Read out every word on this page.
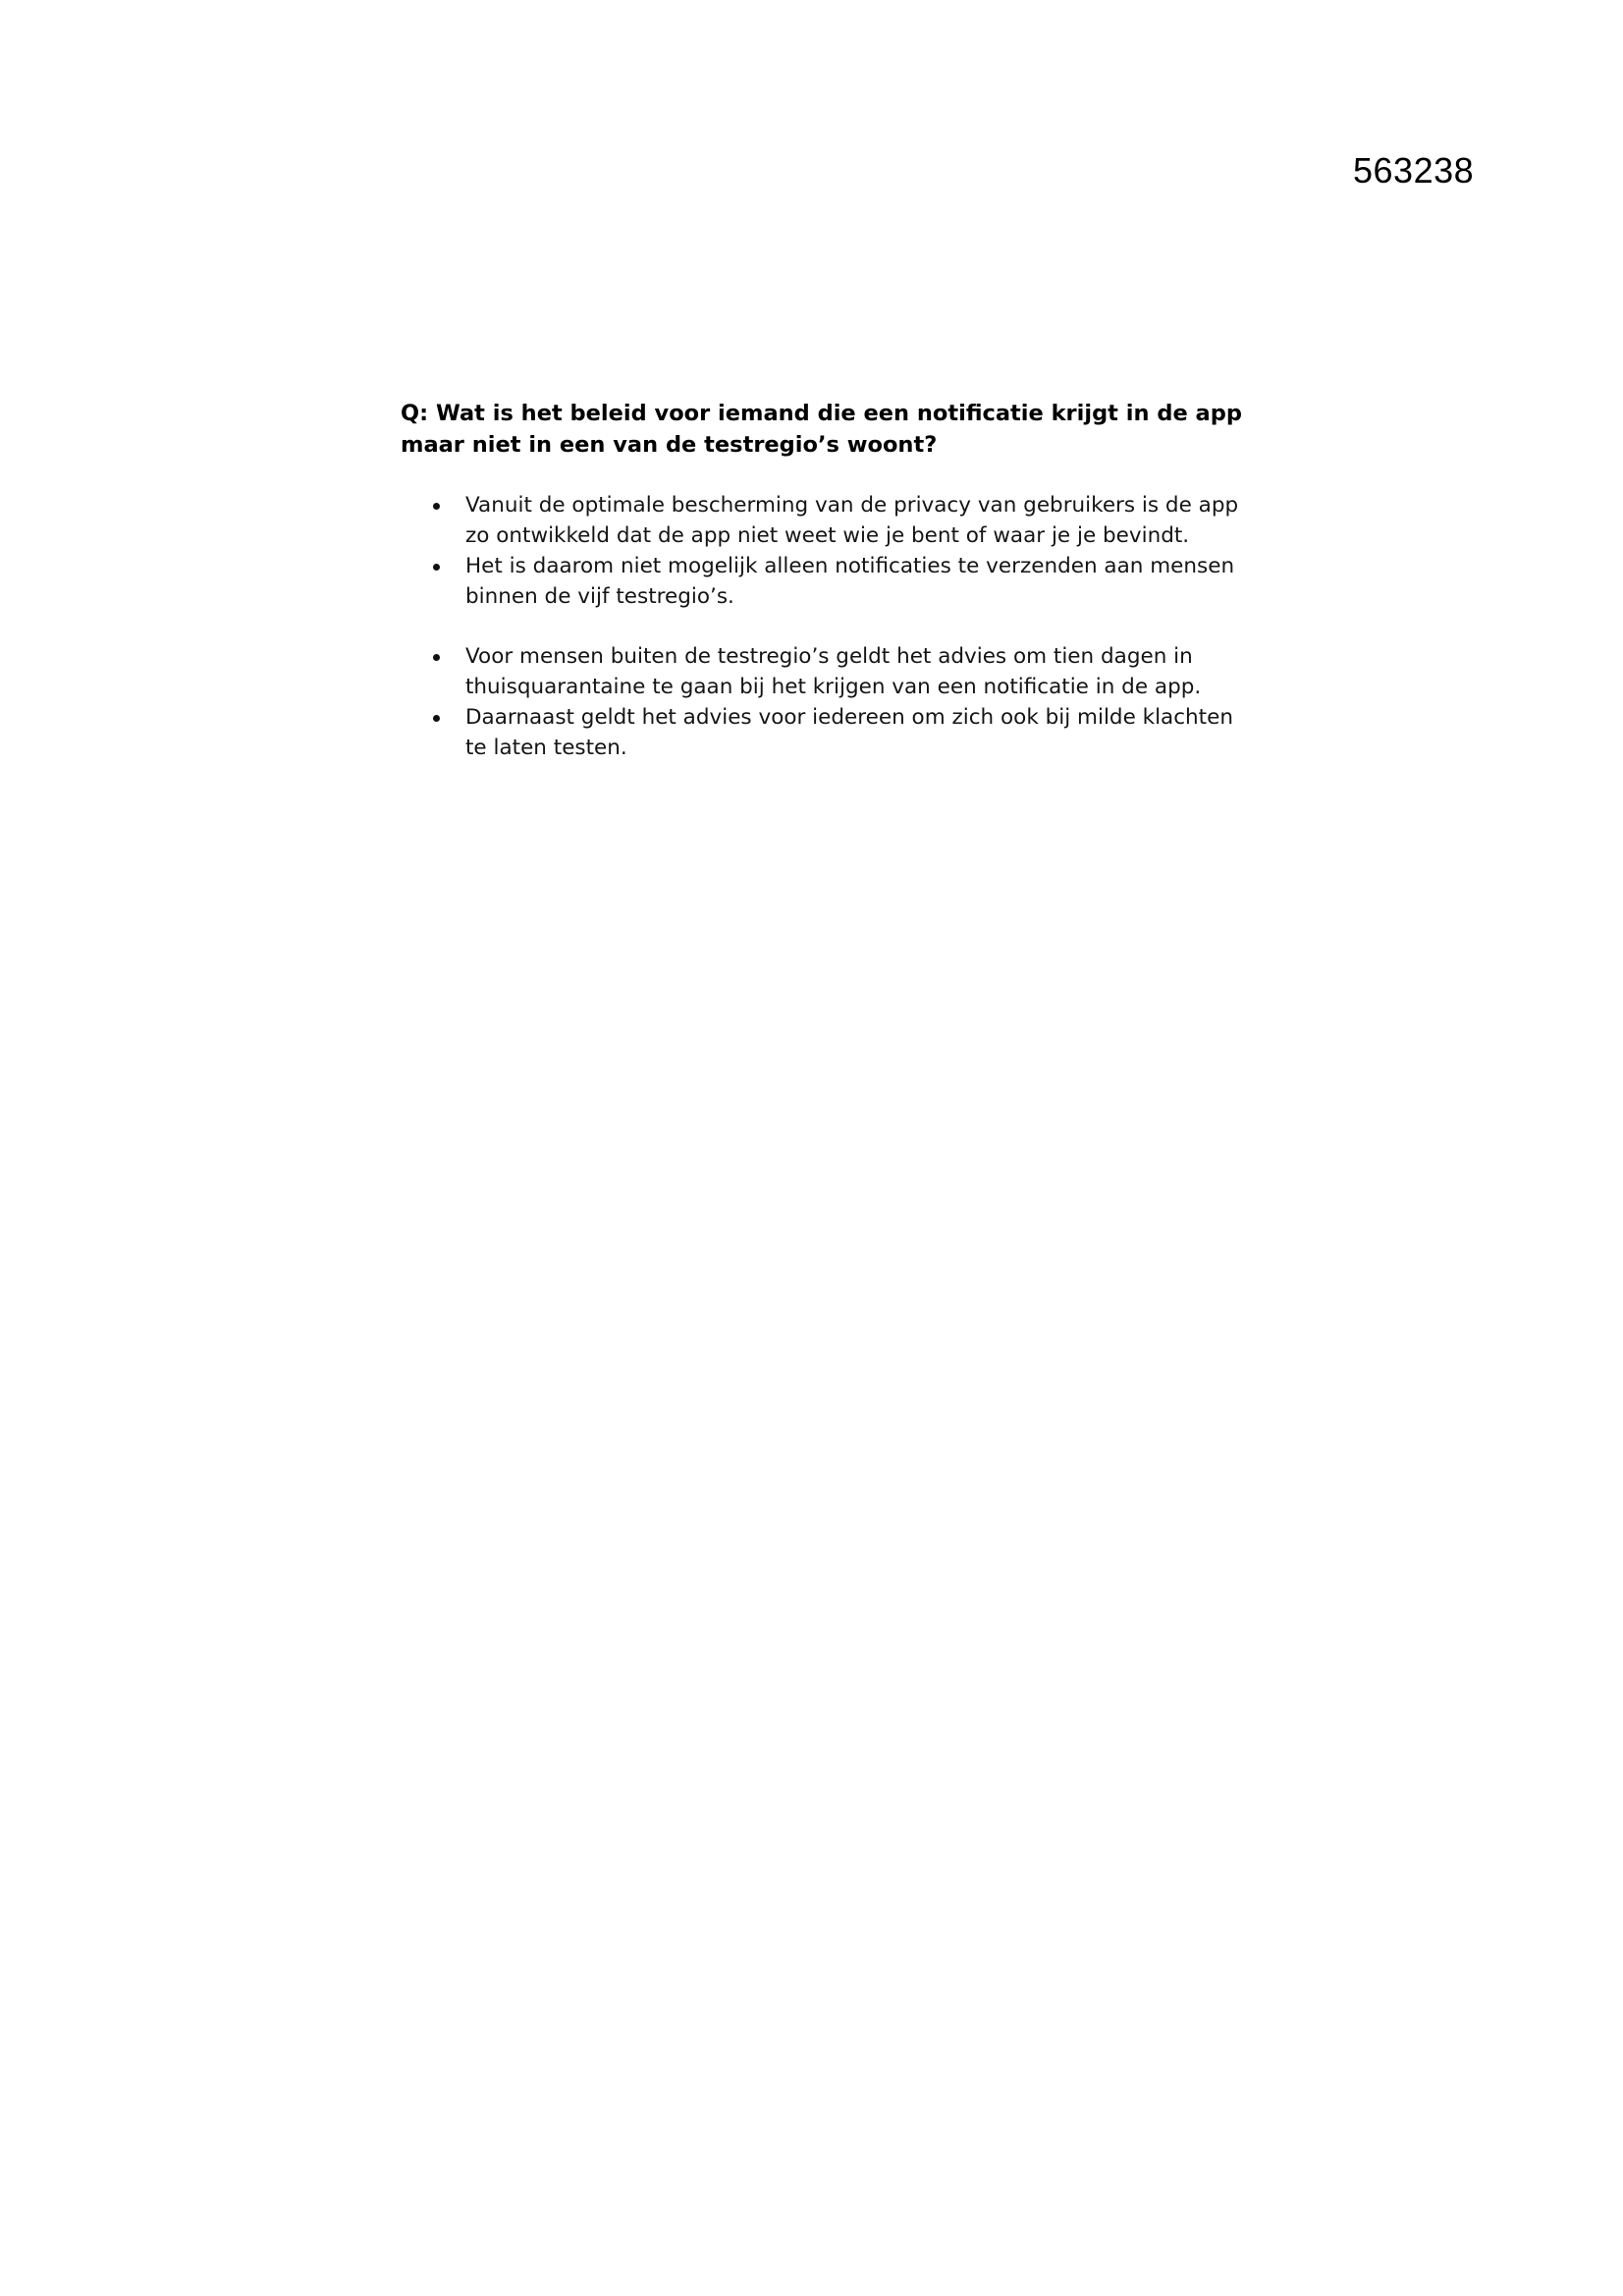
563238

Q: Wat is het beleid voor iemand die een notificatie krijgt in de app maar niet in een van de testregio’s woont?

Vanuit de optimale bescherming van de privacy van gebruikers is de app zo ontwikkeld dat de app niet weet wie je bent of waar je je bevindt.
Het is daarom niet mogelijk alleen notificaties te verzenden aan mensen binnen de vijf testregio’s.
Voor mensen buiten de testregio’s geldt het advies om tien dagen in thuisquarantaine te gaan bij het krijgen van een notificatie in de app.
Daarnaast geldt het advies voor iedereen om zich ook bij milde klachten te laten testen.
